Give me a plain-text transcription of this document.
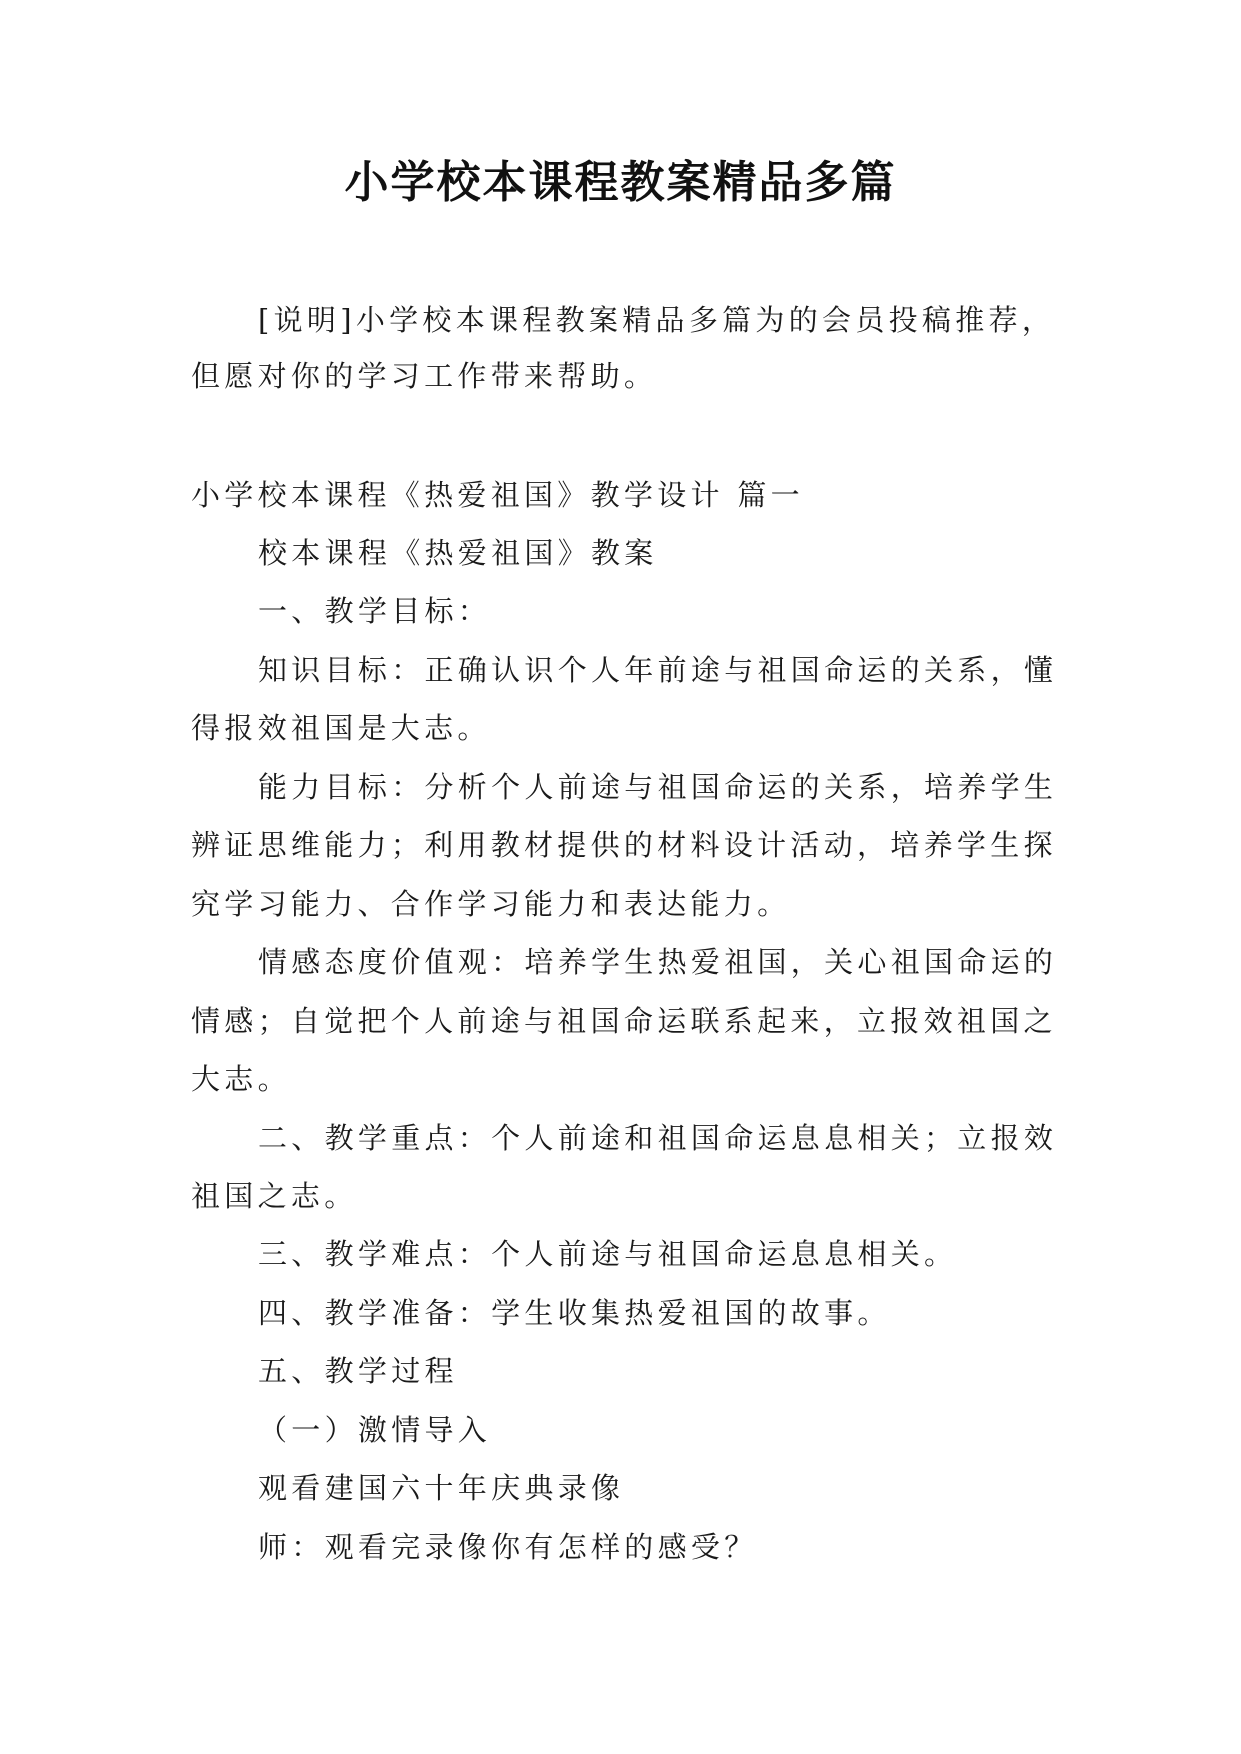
小学校本课程教案精品多篇
[说明]小学校本课程教案精品多篇为的会员投稿推荐，
但愿对你的学习工作带来帮助。
小学校本课程《热爱祖国》教学设计 篇一
校本课程《热爱祖国》教案
一、教学目标：
知识目标：正确认识个人年前途与祖国命运的关系，懂
得报效祖国是大志。
能力目标：分析个人前途与祖国命运的关系，培养学生
辨证思维能力；利用教材提供的材料设计活动，培养学生探
究学习能力、合作学习能力和表达能力。
情感态度价值观：培养学生热爱祖国，关心祖国命运的
情感；自觉把个人前途与祖国命运联系起来，立报效祖国之
大志。
二、教学重点：个人前途和祖国命运息息相关；立报效
祖国之志。
三、教学难点：个人前途与祖国命运息息相关。
四、教学准备：学生收集热爱祖国的故事。
五、教学过程
（一）激情导入
观看建国六十年庆典录像
师：观看完录像你有怎样的感受？
